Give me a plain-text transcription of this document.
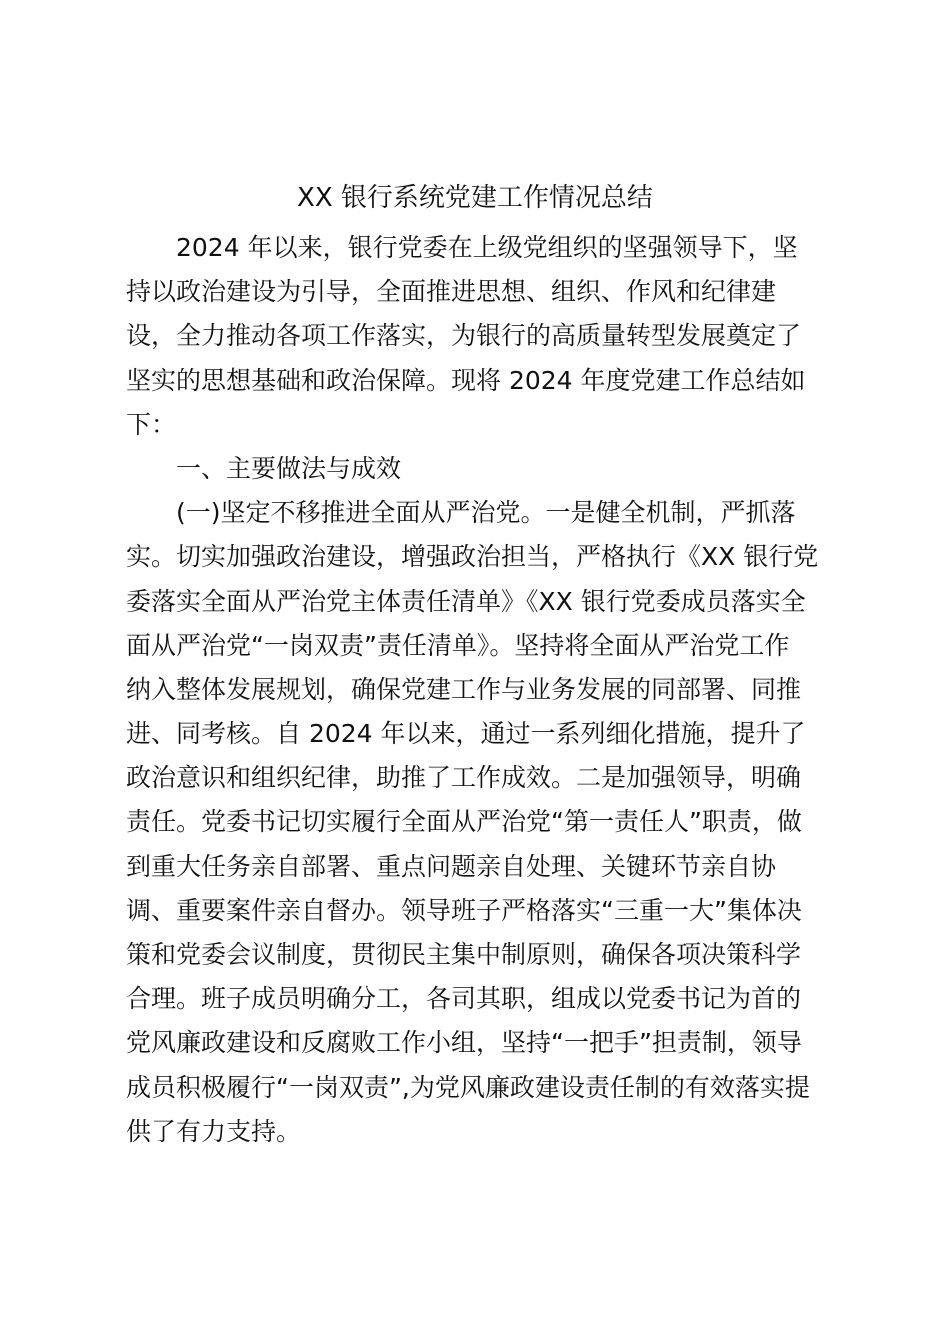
XX 银行系统党建工作情况总结

2024 年以来，银行党委在上级党组织的坚强领导下，坚

持以政治建设为引导，全面推进思想、组织、作风和纪律建

设，全力推动各项工作落实，为银行的高质量转型发展奠定了

坚实的思想基础和政治保障。现将 2024 年度党建工作总结如

下：

一、主要做法与成效

(一)坚定不移推进全面从严治党。一是健全机制，严抓落

实。切实加强政治建设，增强政治担当，严格执行《XX 银行党

委落实全面从严治党主体责任清单》《XX 银行党委成员落实全

面从严治党“一岗双责”责任清单》。坚持将全面从严治党工作

纳入整体发展规划，确保党建工作与业务发展的同部署、同推

进、同考核。自 2024 年以来，通过一系列细化措施，提升了

政治意识和组织纪律，助推了工作成效。二是加强领导，明确

责任。党委书记切实履行全面从严治党“第一责任人”职责，做

到重大任务亲自部署、重点问题亲自处理、关键环节亲自协

调、重要案件亲自督办。领导班子严格落实“三重一大”集体决

策和党委会议制度，贯彻民主集中制原则，确保各项决策科学

合理。班子成员明确分工，各司其职，组成以党委书记为首的

党风廉政建设和反腐败工作小组，坚持“一把手”担责制，领导

成员积极履行“一岗双责”,为党风廉政建设责任制的有效落实提

供了有力支持。
